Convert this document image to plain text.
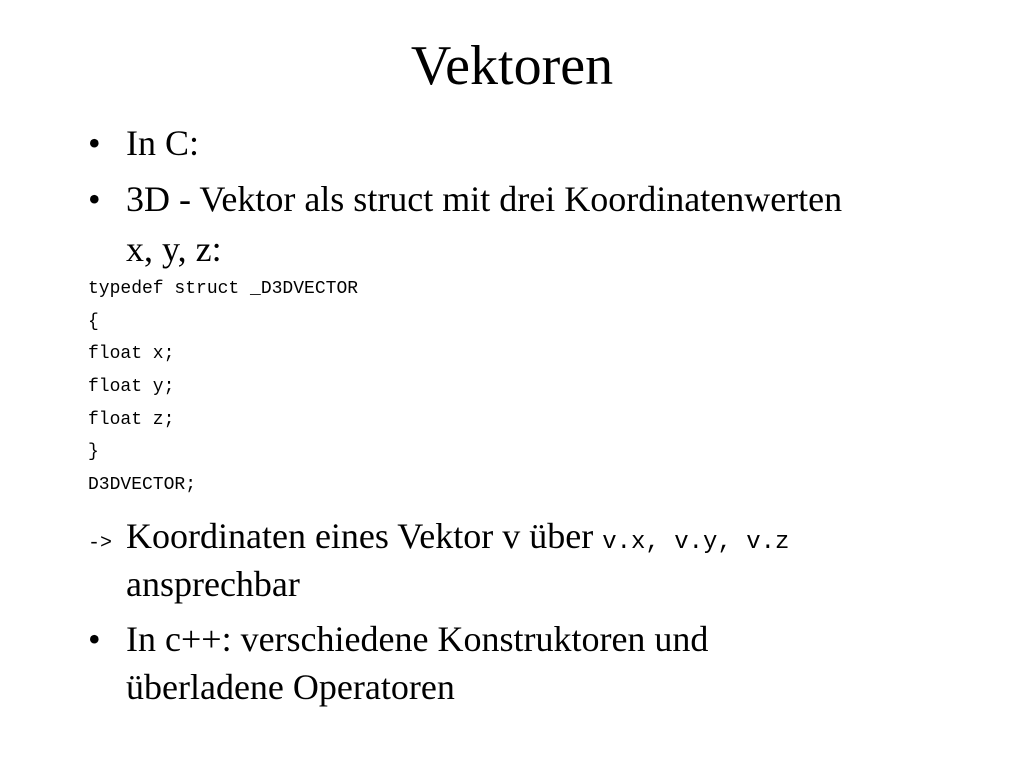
Vektoren

• In C:

• 3D - Vektor als struct mit drei Koordinatenwerten

x, y, z:

typedef struct _D3DVECTOR

{

float x;

float y;

float z;

}

D3DVECTOR;

-> Koordinaten eines Vektor v über v.x, v.y, v.z

ansprechbar

• In c++: verschiedene Konstruktoren und

überladene Operatoren
